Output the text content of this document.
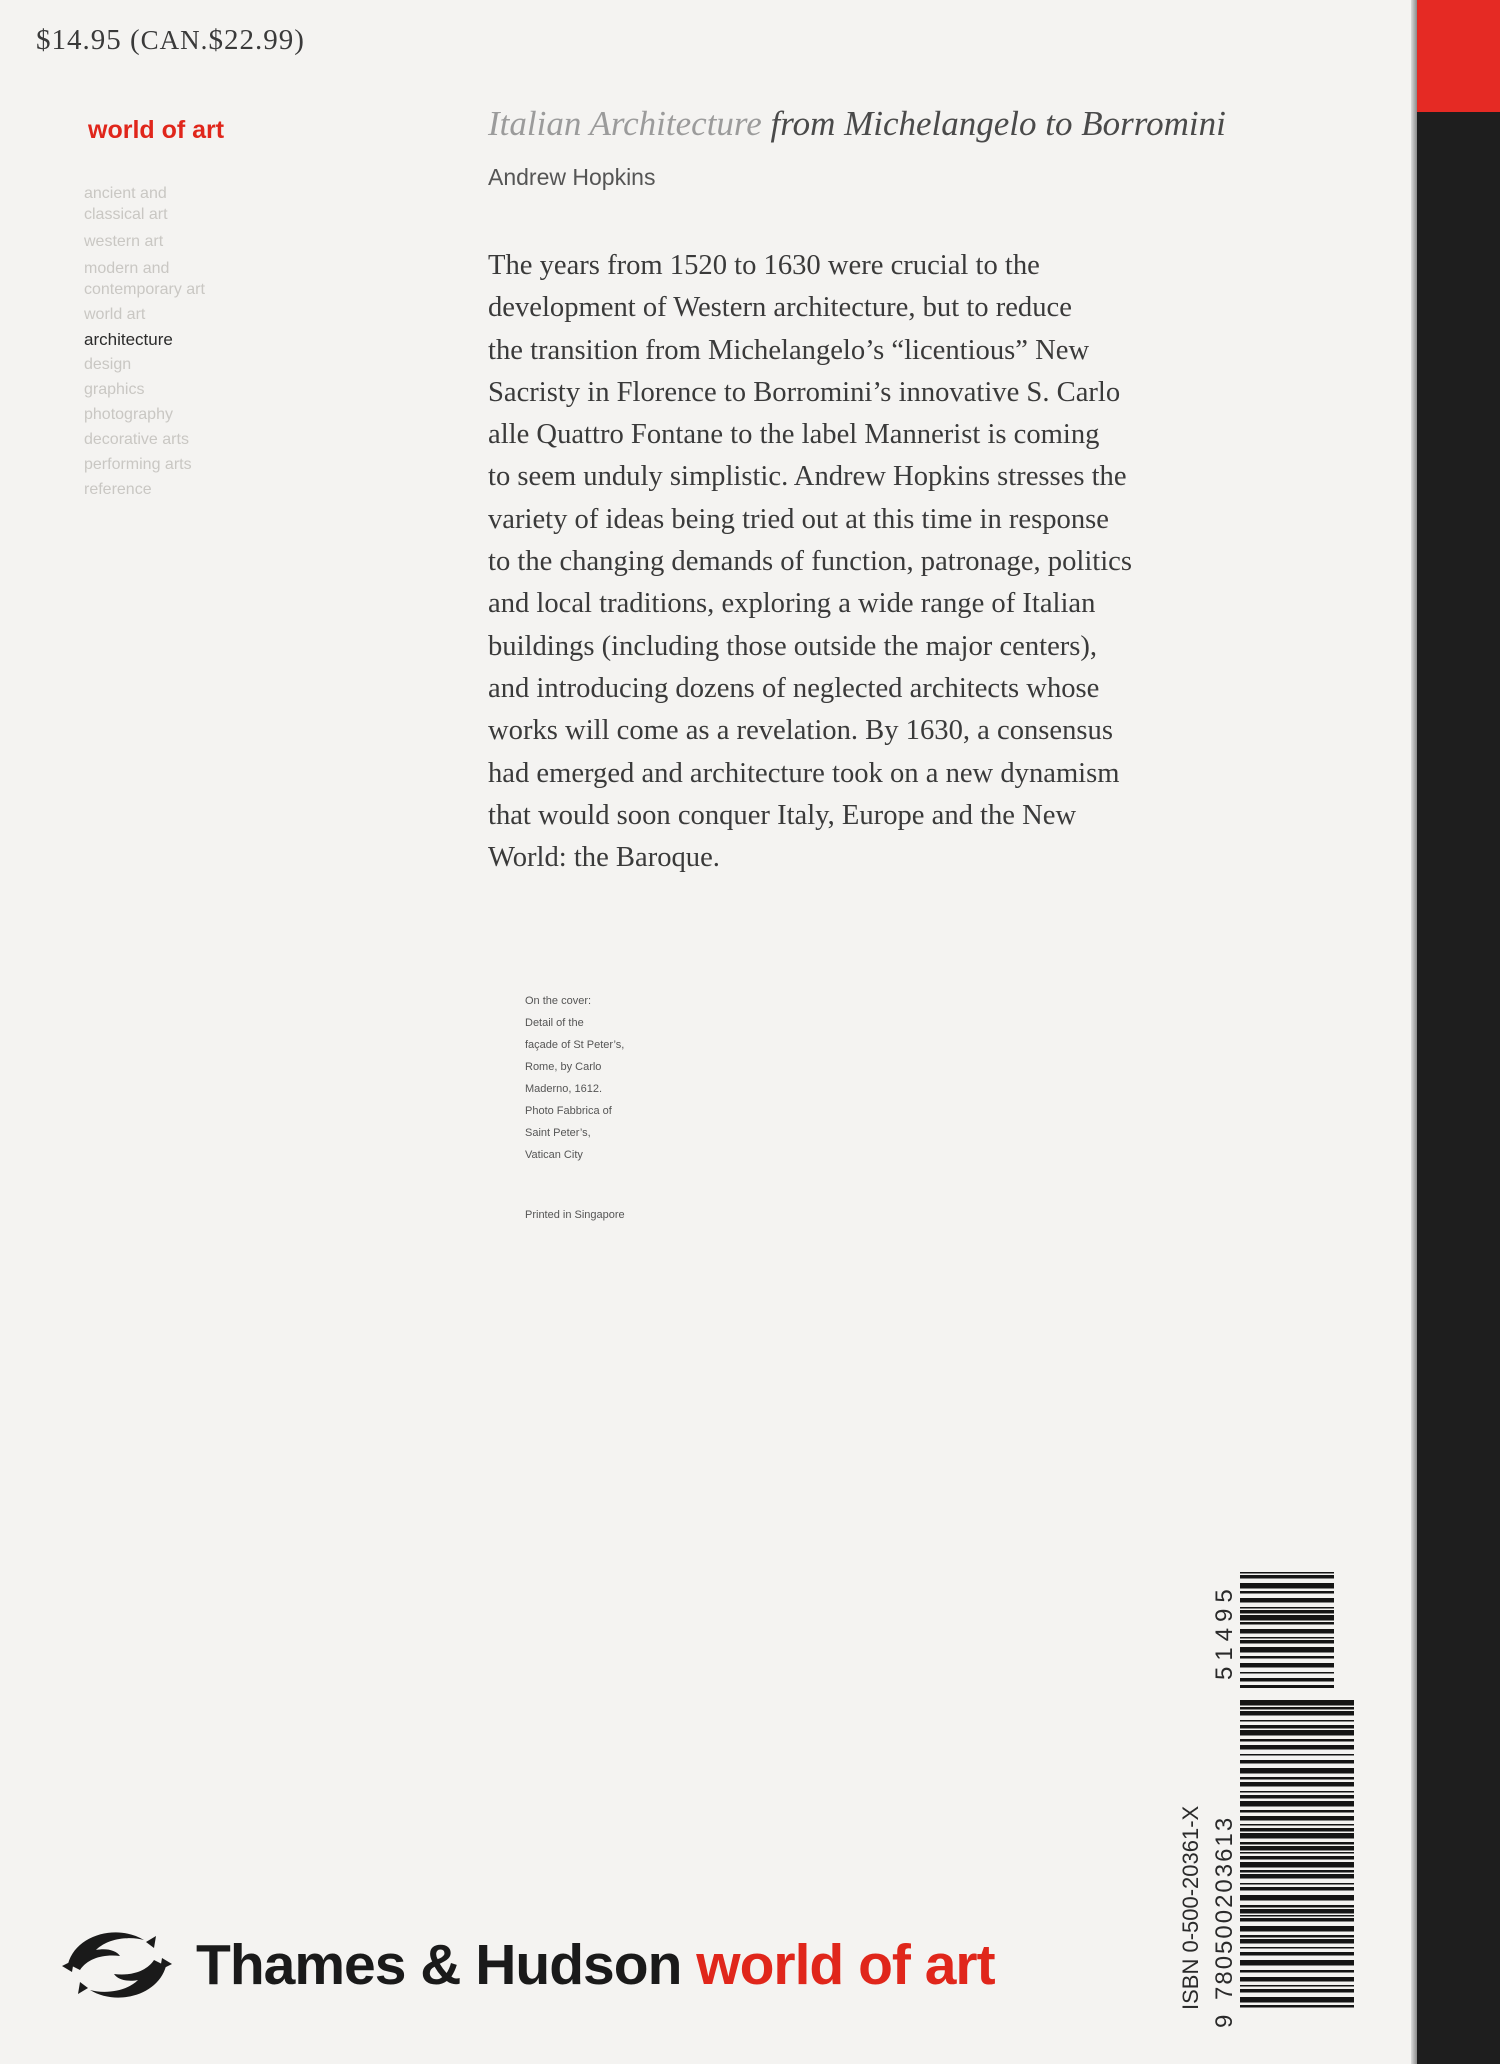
$14.95 (CAN.$22.99)
world of art
ancient and
classical art
western art
modern and
contemporary art
world art
architecture
design
graphics
photography
decorative arts
performing arts
reference
Italian Architecture from Michelangelo to Borromini
Andrew Hopkins
The years from 1520 to 1630 were crucial to the
development of Western architecture, but to reduce
the transition from Michelangelo’s “licentious” New
Sacristy in Florence to Borromini’s innovative S. Carlo
alle Quattro Fontane to the label Mannerist is coming
to seem unduly simplistic. Andrew Hopkins stresses the
variety of ideas being tried out at this time in response
to the changing demands of function, patronage, politics
and local traditions, exploring a wide range of Italian
buildings (including those outside the major centers),
and introducing dozens of neglected architects whose
works will come as a revelation. By 1630, a consensus
had emerged and architecture took on a new dynamism
that would soon conquer Italy, Europe and the New
World: the Baroque.
On the cover:
Detail of the
façade of St Peter’s,
Rome, by Carlo
Maderno, 1612.
Photo Fabbrica of
Saint Peter’s,
Vatican City
Printed in Singapore
Thames & Hudson world of art	ISBN 0-500-20361-X
9
780500203613
51495
